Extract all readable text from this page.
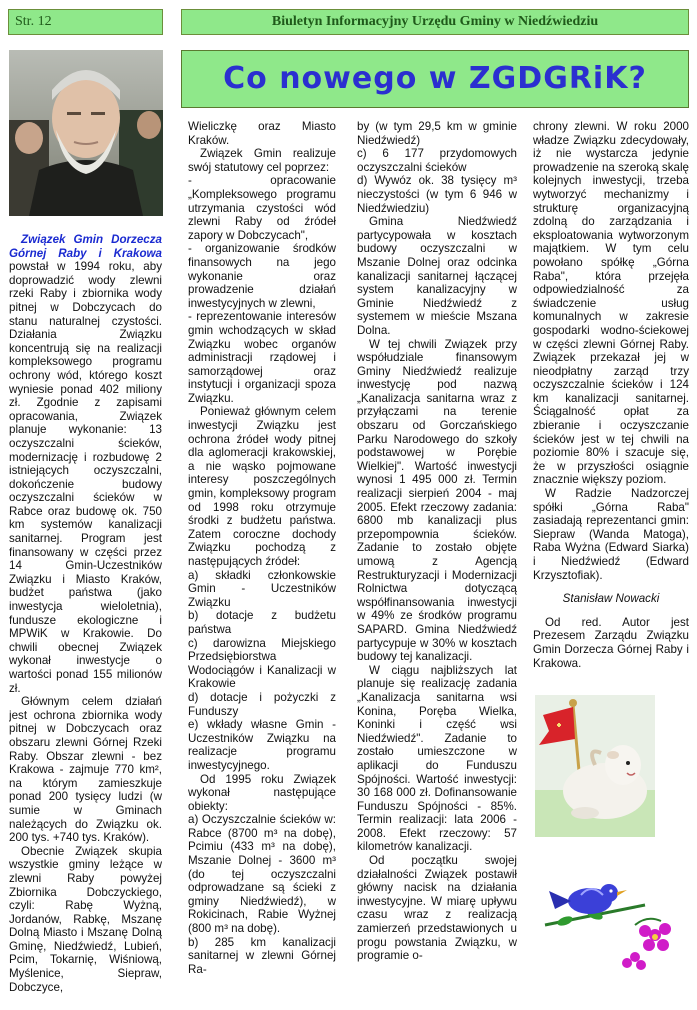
Str. 12	Biuletyn Informacyjny Urzędu Gminy w Niedźwiedziu
Co nowego w ZGDGRiK?

Związek Gmin Dorzecza Górnej Raby i Krakowa powstał w 1994 roku, aby doprowadzić wody zlewni rzeki Raby i zbiornika wody pitnej w Dobczycach do stanu naturalnej czystości. Działania Związku koncentrują się na realizacji kompleksowego programu ochrony wód, którego koszt wyniesie ponad 402 miliony zł. Zgodnie z zapisami opracowania, Związek planuje wykonanie: 13 oczyszczalni ścieków, modernizację i rozbudowę 2 istniejących oczyszczalni, dokończenie budowy oczyszczalni ścieków w Rabce oraz budowę ok. 750 km systemów kanalizacji sanitarnej. Program jest finansowany w części przez 14 Gmin-Uczestników Związku i Miasto Kraków, budżet państwa (jako inwestycja wieloletnia), fundusze ekologiczne i MPWiK w Krakowie. Do chwili obecnej Związek wykonał inwestycje o wartości ponad 155 milionów zł.

Głównym celem działań jest ochrona zbiornika wody pitnej w Dobczycach oraz obszaru zlewni Górnej Rzeki Raby. Obszar zlewni - bez Krakowa - zajmuje 770 km², na którym zamieszkuje ponad 200 tysięcy ludzi (w sumie w Gminach należących do Związku ok. 200 tys. +740 tys. Kraków).

Obecnie Związek skupia wszystkie gminy leżące w zlewni Raby powyżej Zbiornika Dobczyckiego, czyli: Rabę Wyżną, Jordanów, Rabkę, Mszanę Dolną Miasto i Mszanę Dolną Gminę, Niedźwiedź, Lubień, Pcim, Tokarnię, Wiśniową, Myślenice, Siepraw, Dobczyce,

Wieliczkę oraz Miasto Kraków.

Związek Gmin realizuje swój statutowy cel poprzez:

- opracowanie „Kompleksowego programu utrzymania czystości wód zlewni Raby od źródeł zapory w Dobczycach",

- organizowanie środków finansowych na jego wykonanie oraz prowadzenie działań inwestycyjnych w zlewni,

- reprezentowanie interesów gmin wchodzących w skład Związku wobec organów administracji rządowej i samorządowej oraz instytucji i organizacji spoza Związku.

Ponieważ głównym celem inwestycji Związku jest ochrona źródeł wody pitnej dla aglomeracji krakowskiej, a nie wąsko pojmowane interesy poszczególnych gmin, kompleksowy program od 1998 roku otrzymuje środki z budżetu państwa. Zatem coroczne dochody Związku pochodzą z następujących źródeł:

a) składki członkowskie Gmin - Uczestników Związku

b) dotacje z budżetu państwa

c) darowizna Miejskiego Przedsiębiorstwa Wodociągów i Kanalizacji w Krakowie

d) dotacje i pożyczki z Funduszy

e) wkłady własne Gmin - Uczestników Związku na realizacje programu inwestycyjnego.

Od 1995 roku Związek wykonał następujące obiekty:

a) Oczyszczalnie ścieków w: Rabce (8700 m³ na dobę), Pcimiu (433 m³ na dobę), Mszanie Dolnej - 3600 m³ (do tej oczyszczalni odprowadzane są ścieki z gminy Niedźwiedź), w Rokicinach, Rabie Wyżnej (800 m³ na dobę).

b) 285 km kanalizacji sanitarnej w zlewni Górnej Ra-

by (w tym 29,5 km w gminie Niedźwiedź)

c) 6 177 przydomowych oczyszczalni ścieków

d) Wywóz ok. 38 tysięcy m³ nieczystości (w tym 6 946 w Niedźwiedziu)

Gmina Niedźwiedź partycypowała w kosztach budowy oczyszczalni w Mszanie Dolnej oraz odcinka kanalizacji sanitarnej łączącej system kanalizacyjny w Gminie Niedźwiedź z systemem w mieście Mszana Dolna.

W tej chwili Związek przy współudziale finansowym Gminy Niedźwiedź realizuje inwestycję pod nazwą „Kanalizacja sanitarna wraz z przyłączami na terenie obszaru od Gorczańskiego Parku Narodowego do szkoły podstawowej w Porębie Wielkiej". Wartość inwestycji wynosi 1 495 000 zł. Termin realizacji sierpień 2004 - maj 2005. Efekt rzeczowy zadania: 6800 mb kanalizacji plus przepompownia ścieków. Zadanie to zostało objęte umową z Agencją Restrukturyzacji i Modernizacji Rolnictwa dotyczącą współfinansowania inwestycji w 49% ze środków programu SAPARD. Gmina Niedźwiedź partycypuje w 30% w kosztach budowy tej kanalizacji.

W ciągu najbliższych lat planuje się realizację zadania „Kanalizacja sanitarna wsi Konina, Poręba Wielka, Koninki i część wsi Niedźwiedź". Zadanie to zostało umieszczone w aplikacji do Funduszu Spójności. Wartość inwestycji: 30 168 000 zł. Dofinansowanie Funduszu Spójności - 85%. Termin realizacji: lata 2006 - 2008. Efekt rzeczowy: 57 kilometrów kanalizacji.

Od początku swojej działalności Związek postawił główny nacisk na działania inwestycyjne. W miarę upływu czasu wraz z realizacją zamierzeń przedstawionych u progu powstania Związku, w programie o-

chrony zlewni. W roku 2000 władze Związku zdecydowały, iż nie wystarcza jedynie prowadzenie na szeroką skalę kolejnych inwestycji, trzeba wytworzyć mechanizmy i strukturę organizacyjną zdolną do zarządzania i eksploatowania wytworzonym majątkiem. W tym celu powołano spółkę „Górna Raba", która przejęła odpowiedzialność za świadczenie usług komunalnych w zakresie gospodarki wodno-ściekowej w części zlewni Górnej Raby. Związek przekazał jej w nieodpłatny zarząd trzy oczyszczalnie ścieków i 124 km kanalizacji sanitarnej. Ściągalność opłat za zbieranie i oczyszczanie ścieków jest w tej chwili na poziomie 80% i szacuje się, że w przyszłości osiągnie znacznie większy poziom.

W Radzie Nadzorczej spółki „Górna Raba" zasiadają reprezentanci gmin: Siepraw (Wanda Matoga), Raba Wyżna (Edward Siarka) i Niedźwiedź (Edward Krzysztofiak).

Stanisław Nowacki

Od red. Autor jest Prezesem Zarządu Związku Gmin Dorzecza Górnej Raby i Krakowa.
